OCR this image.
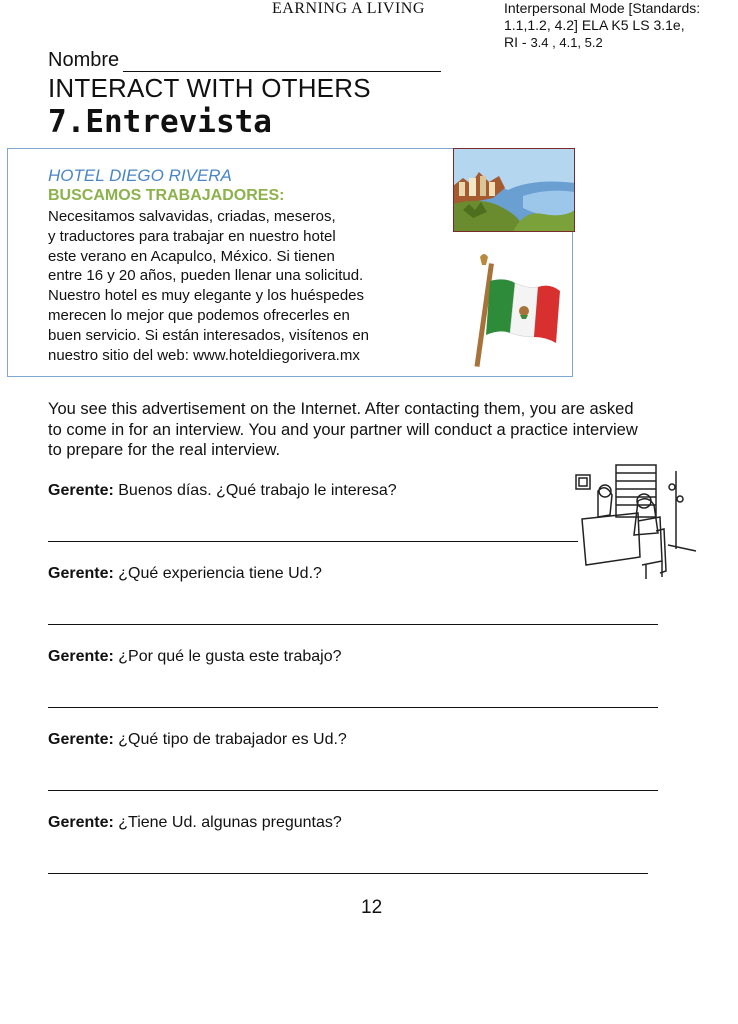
EARNING A LIVING	Interpersonal Mode [Standards:
1.1,1.2, 4.2] ELA K5 LS 3.1e,
RI - 3.4 , 4.1, 5.2
Nombre
INTERACT WITH OTHERS
7.Entrevista
HOTEL DIEGO RIVERA
BUSCAMOS TRABAJADORES:
Necesitamos salvavidas, criadas, meseros,
y traductores para trabajar en nuestro hotel
este verano en Acapulco, México. Si tienen
entre 16 y 20 años, pueden llenar una solicitud.
Nuestro hotel es muy elegante y los huéspedes
merecen lo mejor que podemos ofrecerles en
buen servicio. Si están interesados, visítenos en
nuestro sitio del web: www.hoteldiegorivera.mx
You see this advertisement on the Internet. After contacting them, you are asked
to come in for an interview. You and your partner will conduct a practice interview
to prepare for the real interview.
Gerente: Buenos días. ¿Qué trabajo le interesa?
Gerente: ¿Qué experiencia tiene Ud.?
Gerente: ¿Por qué le gusta este trabajo?
Gerente: ¿Qué tipo de trabajador es Ud.?
Gerente: ¿Tiene Ud. algunas preguntas?
12
